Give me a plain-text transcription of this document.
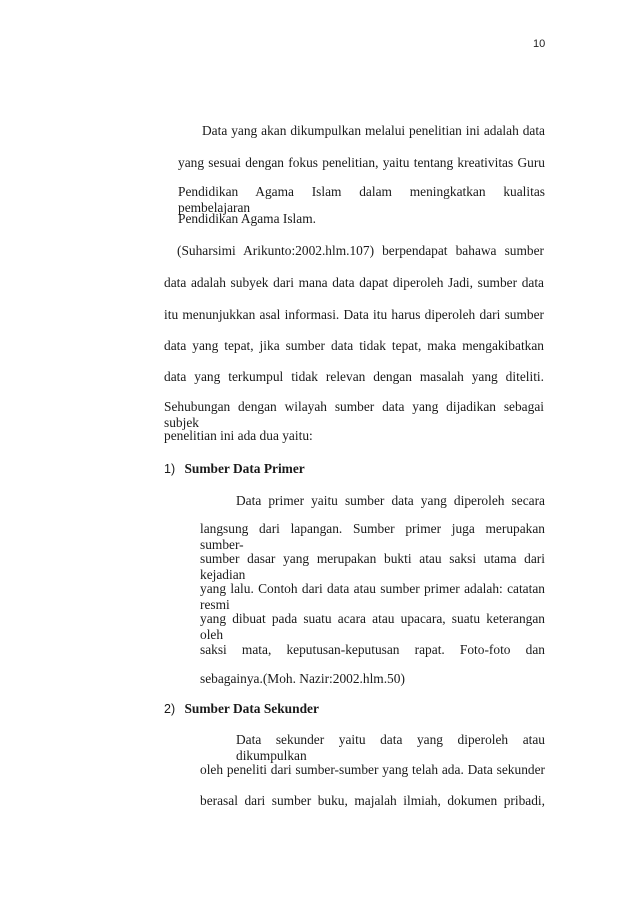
10
Data yang akan dikumpulkan melalui penelitian ini adalah data
yang sesuai dengan fokus penelitian, yaitu tentang kreativitas Guru
Pendidikan Agama Islam dalam meningkatkan kualitas pembelajaran
Pendidikan Agama Islam.
(Suharsimi Arikunto:2002.hlm.107) berpendapat bahawa sumber
data adalah subyek dari mana data dapat diperoleh Jadi, sumber data
itu menunjukkan asal informasi. Data itu harus diperoleh dari sumber
data yang tepat, jika sumber data tidak tepat, maka mengakibatkan
data yang terkumpul tidak relevan dengan masalah yang diteliti.
Sehubungan dengan wilayah sumber data yang dijadikan sebagai subjek
penelitian ini ada dua yaitu:
1) Sumber Data Primer
Data primer yaitu sumber data yang diperoleh secara
langsung dari lapangan. Sumber primer juga merupakan sumber-
sumber dasar yang merupakan bukti atau saksi utama dari kejadian
yang lalu. Contoh dari data atau sumber primer adalah: catatan resmi
yang dibuat pada suatu acara atau upacara, suatu keterangan oleh
saksi mata, keputusan-keputusan rapat. Foto-foto dan
sebagainya.(Moh. Nazir:2002.hlm.50)
2) Sumber Data Sekunder
Data sekunder yaitu data yang diperoleh atau dikumpulkan
oleh peneliti dari sumber-sumber yang telah ada. Data sekunder
berasal dari sumber buku, majalah ilmiah, dokumen pribadi,
